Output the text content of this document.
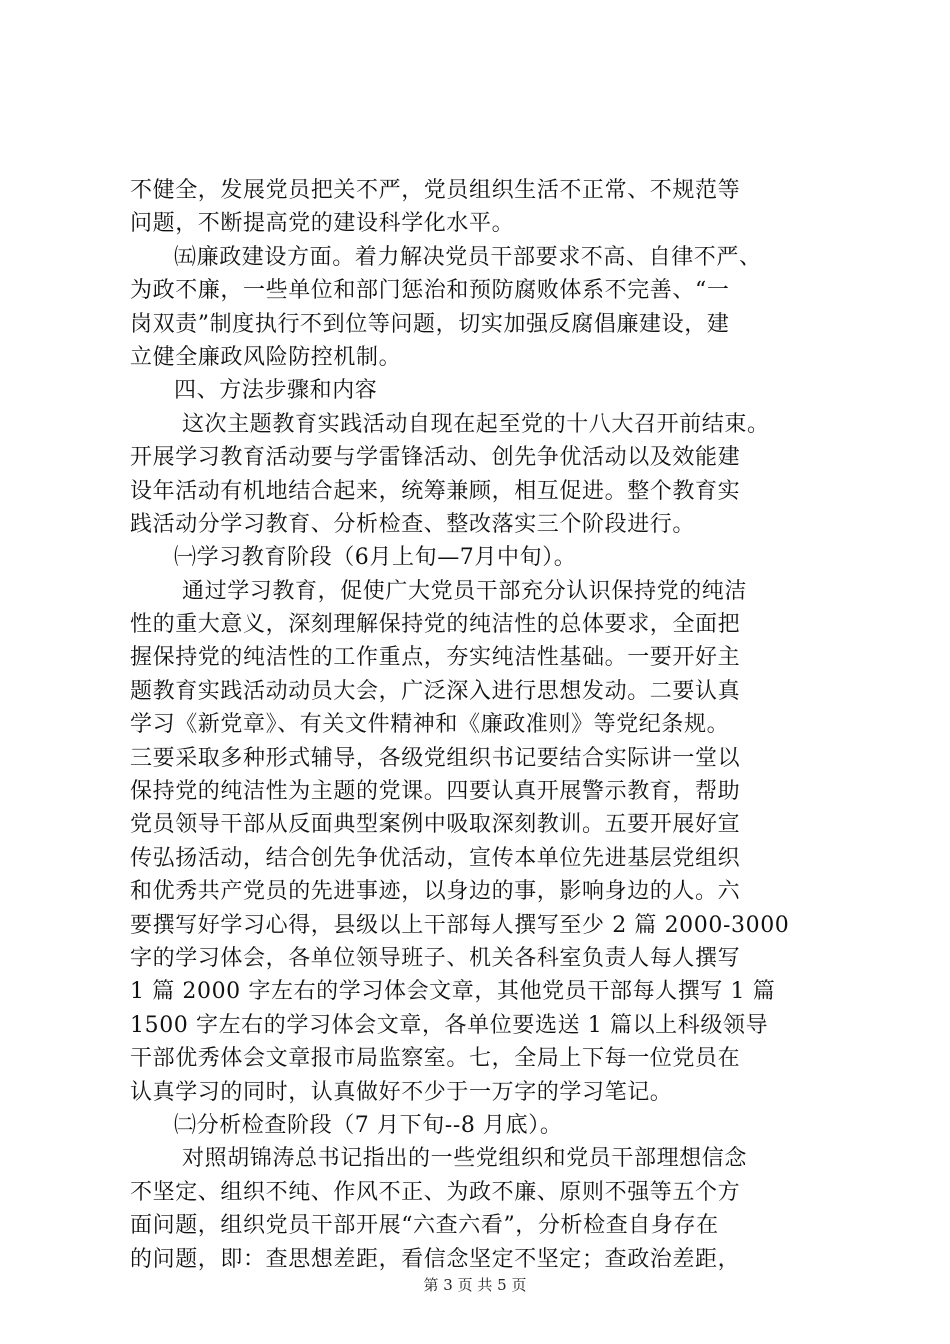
不健全，发展党员把关不严，党员组织生活不正常、不规范等
问题，不断提高党的建设科学化水平。
㈤廉政建设方面。着力解决党员干部要求不高、自律不严、
为政不廉，一些单位和部门惩治和预防腐败体系不完善、“一
岗双责”制度执行不到位等问题，切实加强反腐倡廉建设，建
立健全廉政风险防控机制。
四、方法步骤和内容
这次主题教育实践活动自现在起至党的十八大召开前结束。
开展学习教育活动要与学雷锋活动、创先争优活动以及效能建
设年活动有机地结合起来，统筹兼顾，相互促进。整个教育实
践活动分学习教育、分析检查、整改落实三个阶段进行。
㈠学习教育阶段（6月上旬—7月中旬）。
通过学习教育，促使广大党员干部充分认识保持党的纯洁
性的重大意义，深刻理解保持党的纯洁性的总体要求，全面把
握保持党的纯洁性的工作重点，夯实纯洁性基础。一要开好主
题教育实践活动动员大会，广泛深入进行思想发动。二要认真
学习《新党章》、有关文件精神和《廉政准则》等党纪条规。
三要采取多种形式辅导，各级党组织书记要结合实际讲一堂以
保持党的纯洁性为主题的党课。四要认真开展警示教育，帮助
党员领导干部从反面典型案例中吸取深刻教训。五要开展好宣
传弘扬活动，结合创先争优活动，宣传本单位先进基层党组织
和优秀共产党员的先进事迹，以身边的事，影响身边的人。六
要撰写好学习心得，县级以上干部每人撰写至少 2 篇 2000-3000
字的学习体会，各单位领导班子、机关各科室负责人每人撰写
1 篇 2000 字左右的学习体会文章，其他党员干部每人撰写 1 篇
1500 字左右的学习体会文章，各单位要选送 1 篇以上科级领导
干部优秀体会文章报市局监察室。七，全局上下每一位党员在
认真学习的同时，认真做好不少于一万字的学习笔记。
㈡分析检查阶段（7 月下旬--8 月底）。
对照胡锦涛总书记指出的一些党组织和党员干部理想信念
不坚定、组织不纯、作风不正、为政不廉、原则不强等五个方
面问题，组织党员干部开展“六查六看”，分析检查自身存在
的问题，即：查思想差距，看信念坚定不坚定；查政治差距，
第 3 页 共 5 页
